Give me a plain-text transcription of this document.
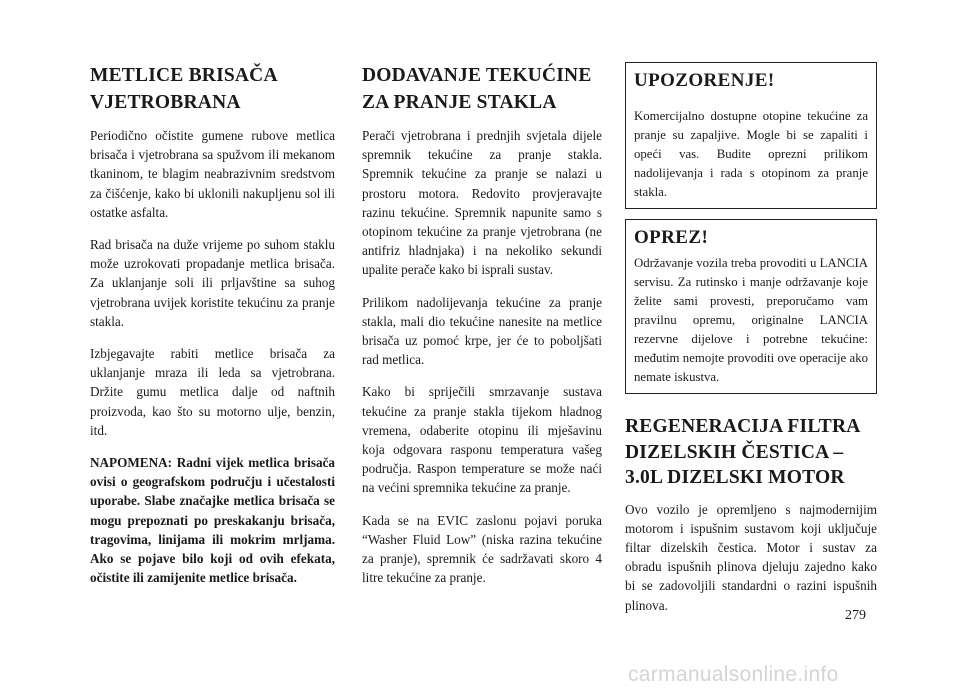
METLICE BRISAČA VJETROBRANA

Periodično očistite gumene rubove metlica brisača i vjetrobrana sa spužvom ili mekanom tkaninom, te blagim neabrazivnim sredstvom za čišćenje, kako bi uklonili nakupljenu sol ili ostatke asfalta.

Rad brisača na duže vrijeme po suhom staklu može uzrokovati propadanje metlica brisača. Za uklanjanje soli ili prljavštine sa suhog vjetrobrana uvijek koristite tekućinu za pranje stakla.

Izbjegavajte rabiti metlice brisača za uklanjanje mraza ili leda sa vjetrobrana. Držite gumu metlica dalje od naftnih proizvoda, kao što su motorno ulje, benzin, itd.

NAPOMENA: Radni vijek metlica brisača ovisi o geografskom području i učestalosti uporabe. Slabe značajke metlica brisača se mogu prepoznati po preskakanju brisača, tragovima, linijama ili mokrim mrljama. Ako se pojave bilo koji od ovih efekata, očistite ili zamijenite metlice brisača.

DODAVANJE TEKUĆINE ZA PRANJE STAKLA

Perači vjetrobrana i prednjih svjetala dijele spremnik tekućine za pranje stakla. Spremnik tekućine za pranje se nalazi u prostoru motora. Redovito provjeravajte razinu tekućine. Spremnik napunite samo s otopinom tekućine za pranje vjetrobrana (ne antifriz hladnjaka) i na nekoliko sekundi upalite perače kako bi isprali sustav.

Prilikom nadolijevanja tekućine za pranje stakla, mali dio tekućine nanesite na metlice brisača uz pomoć krpe, jer će to poboljšati rad metlica.

Kako bi spriječili smrzavanje sustava tekućine za pranje stakla tijekom hladnog vremena, odaberite otopinu ili mješavinu koja odgovara rasponu temperatura vašeg područja. Raspon temperature se može naći na većini spremnika tekućine za pranje.

Kada se na EVIC zaslonu pojavi poruka “Washer Fluid Low” (niska razina tekućine za pranje), spremnik će sadržavati skoro 4 litre tekućine za pranje.

UPOZORENJE!

Komercijalno dostupne otopine tekućine za pranje su zapaljive. Mogle bi se zapaliti i opeći vas. Budite oprezni prilikom nadolijevanja i rada s otopinom za pranje stakla.

OPREZ!

Održavanje vozila treba provoditi u LANCIA servisu. Za rutinsko i manje održavanje koje želite sami provesti, preporučamo vam pravilnu opremu, originalne LANCIA rezervne dijelove i potrebne tekućine: međutim nemojte provoditi ove operacije ako nemate iskustva.

REGENERACIJA FILTRA DIZELSKIH ČESTICA – 3.0L DIZELSKI MOTOR

Ovo vozilo je opremljeno s najmodernijim motorom i ispušnim sustavom koji uključuje filtar dizelskih čestica. Motor i sustav za obradu ispušnih plinova djeluju zajedno kako bi se zadovoljili standardni o razini ispušnih plinova.

279
carmanualsonline.info
